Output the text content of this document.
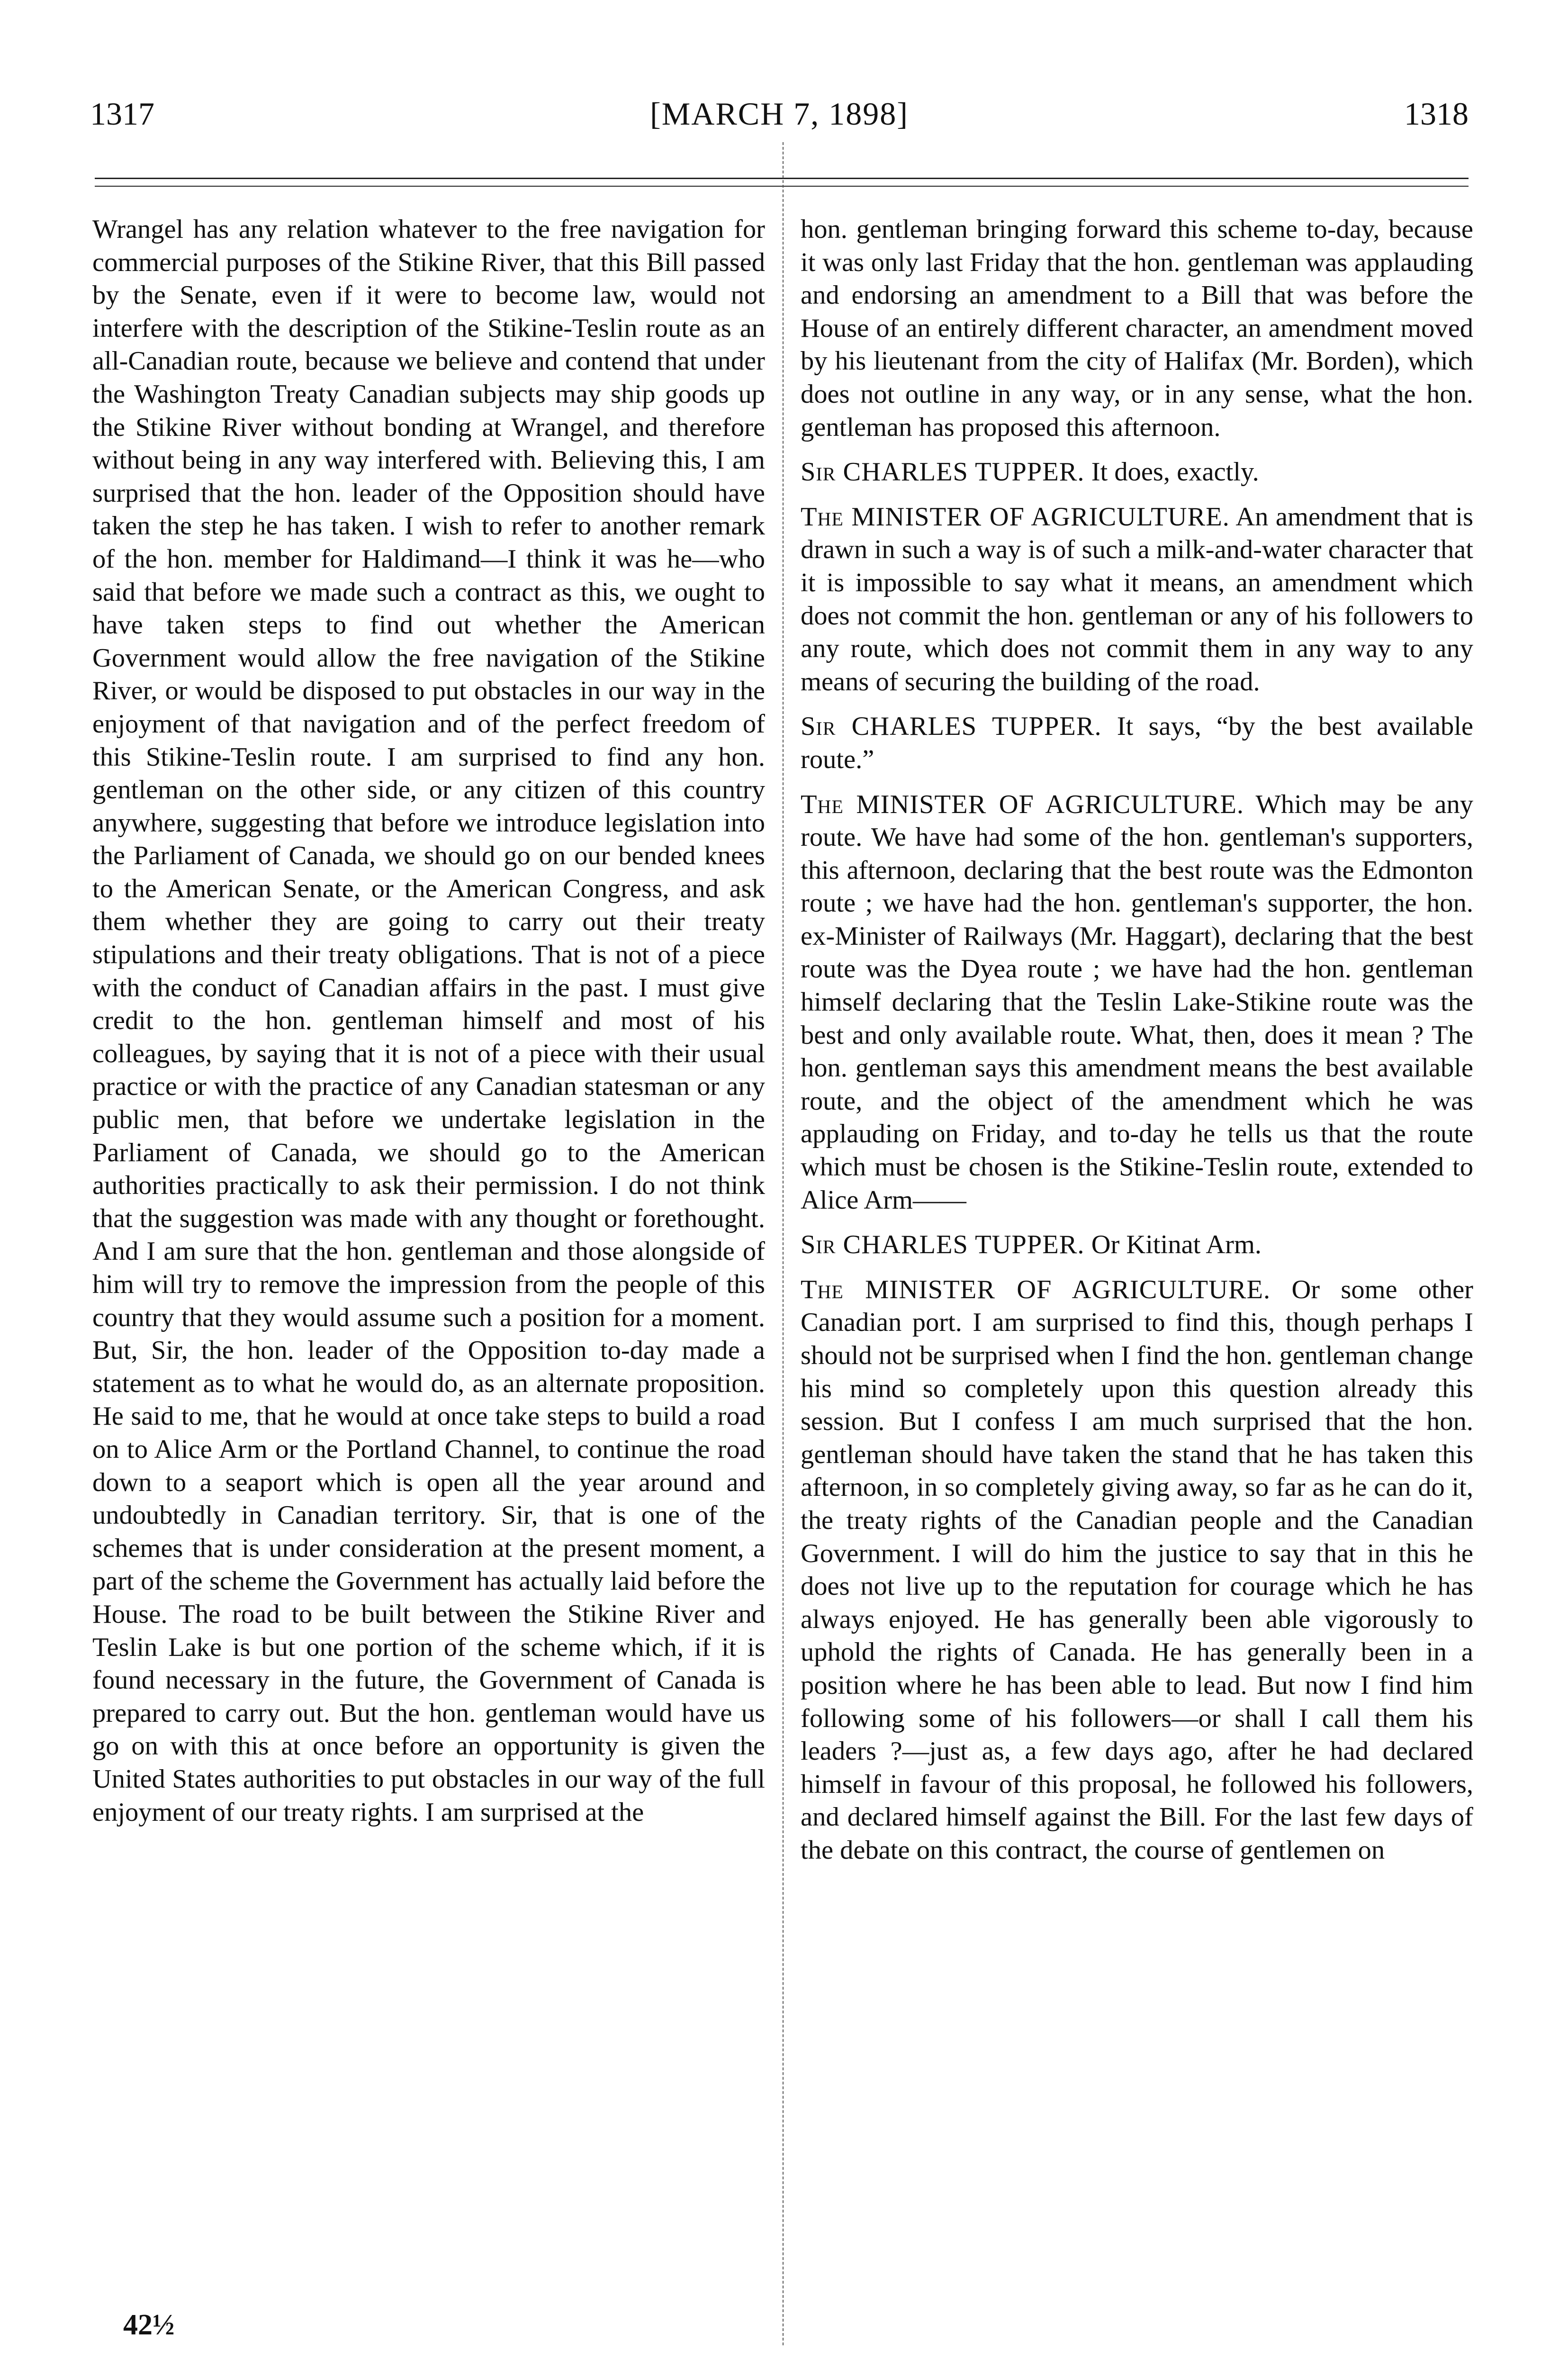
1317	[MARCH 7, 1898]	1318

Wrangel has any relation whatever to the free navigation for commercial purposes of the Stikine River, that this Bill passed by the Senate, even if it were to become law, would not interfere with the description of the Stikine-Teslin route as an all-Canadian route, because we believe and contend that under the Washington Treaty Canadian subjects may ship goods up the Stikine River without bonding at Wrangel, and therefore without being in any way interfered with. Believing this, I am surprised that the hon. leader of the Opposition should have taken the step he has taken. I wish to refer to another remark of the hon. member for Haldimand—I think it was he—who said that before we made such a contract as this, we ought to have taken steps to find out whether the American Government would allow the free navigation of the Stikine River, or would be disposed to put obstacles in our way in the enjoyment of that navigation and of the perfect freedom of this Stikine-Teslin route. I am surprised to find any hon. gentleman on the other side, or any citizen of this country anywhere, suggesting that before we introduce legislation into the Parliament of Canada, we should go on our bended knees to the American Senate, or the American Congress, and ask them whether they are going to carry out their treaty stipulations and their treaty obligations. That is not of a piece with the conduct of Canadian affairs in the past. I must give credit to the hon. gentleman himself and most of his colleagues, by saying that it is not of a piece with their usual practice or with the practice of any Canadian statesman or any public men, that before we undertake legislation in the Parliament of Canada, we should go to the American authorities practically to ask their permission. I do not think that the suggestion was made with any thought or forethought. And I am sure that the hon. gentleman and those alongside of him will try to remove the impression from the people of this country that they would assume such a position for a moment. But, Sir, the hon. leader of the Opposition to-day made a statement as to what he would do, as an alternate proposition. He said to me, that he would at once take steps to build a road on to Alice Arm or the Portland Channel, to continue the road down to a seaport which is open all the year around and undoubtedly in Canadian territory. Sir, that is one of the schemes that is under consideration at the present moment, a part of the scheme the Government has actually laid before the House. The road to be built between the Stikine River and Teslin Lake is but one portion of the scheme which, if it is found necessary in the future, the Government of Canada is prepared to carry out. But the hon. gentleman would have us go on with this at once before an opportunity is given the United States authorities to put obstacles in our way of the full enjoyment of our treaty rights. I am surprised at the

42½

hon. gentleman bringing forward this scheme to-day, because it was only last Friday that the hon. gentleman was applauding and endorsing an amendment to a Bill that was before the House of an entirely different character, an amendment moved by his lieutenant from the city of Halifax (Mr. Borden), which does not outline in any way, or in any sense, what the hon. gentleman has proposed this afternoon.

Sir CHARLES TUPPER. It does, exactly.

The MINISTER OF AGRICULTURE. An amendment that is drawn in such a way is of such a milk-and-water character that it is impossible to say what it means, an amendment which does not commit the hon. gentleman or any of his followers to any route, which does not commit them in any way to any means of securing the building of the road.

Sir CHARLES TUPPER. It says, “by the best available route.”

The MINISTER OF AGRICULTURE. Which may be any route. We have had some of the hon. gentleman's supporters, this afternoon, declaring that the best route was the Edmonton route ; we have had the hon. gentleman's supporter, the hon. ex-Minister of Railways (Mr. Haggart), declaring that the best route was the Dyea route ; we have had the hon. gentleman himself declaring that the Teslin Lake-Stikine route was the best and only available route. What, then, does it mean ? The hon. gentleman says this amendment means the best available route, and the object of the amendment which he was applauding on Friday, and to-day he tells us that the route which must be chosen is the Stikine-Teslin route, extended to Alice Arm——

Sir CHARLES TUPPER. Or Kitinat Arm.

The MINISTER OF AGRICULTURE. Or some other Canadian port. I am surprised to find this, though perhaps I should not be surprised when I find the hon. gentleman change his mind so completely upon this question already this session. But I confess I am much surprised that the hon. gentleman should have taken the stand that he has taken this afternoon, in so completely giving away, so far as he can do it, the treaty rights of the Canadian people and the Canadian Government. I will do him the justice to say that in this he does not live up to the reputation for courage which he has always enjoyed. He has generally been able vigorously to uphold the rights of Canada. He has generally been in a position where he has been able to lead. But now I find him following some of his followers—or shall I call them his leaders ?—just as, a few days ago, after he had declared himself in favour of this proposal, he followed his followers, and declared himself against the Bill. For the last few days of the debate on this contract, the course of gentlemen on
